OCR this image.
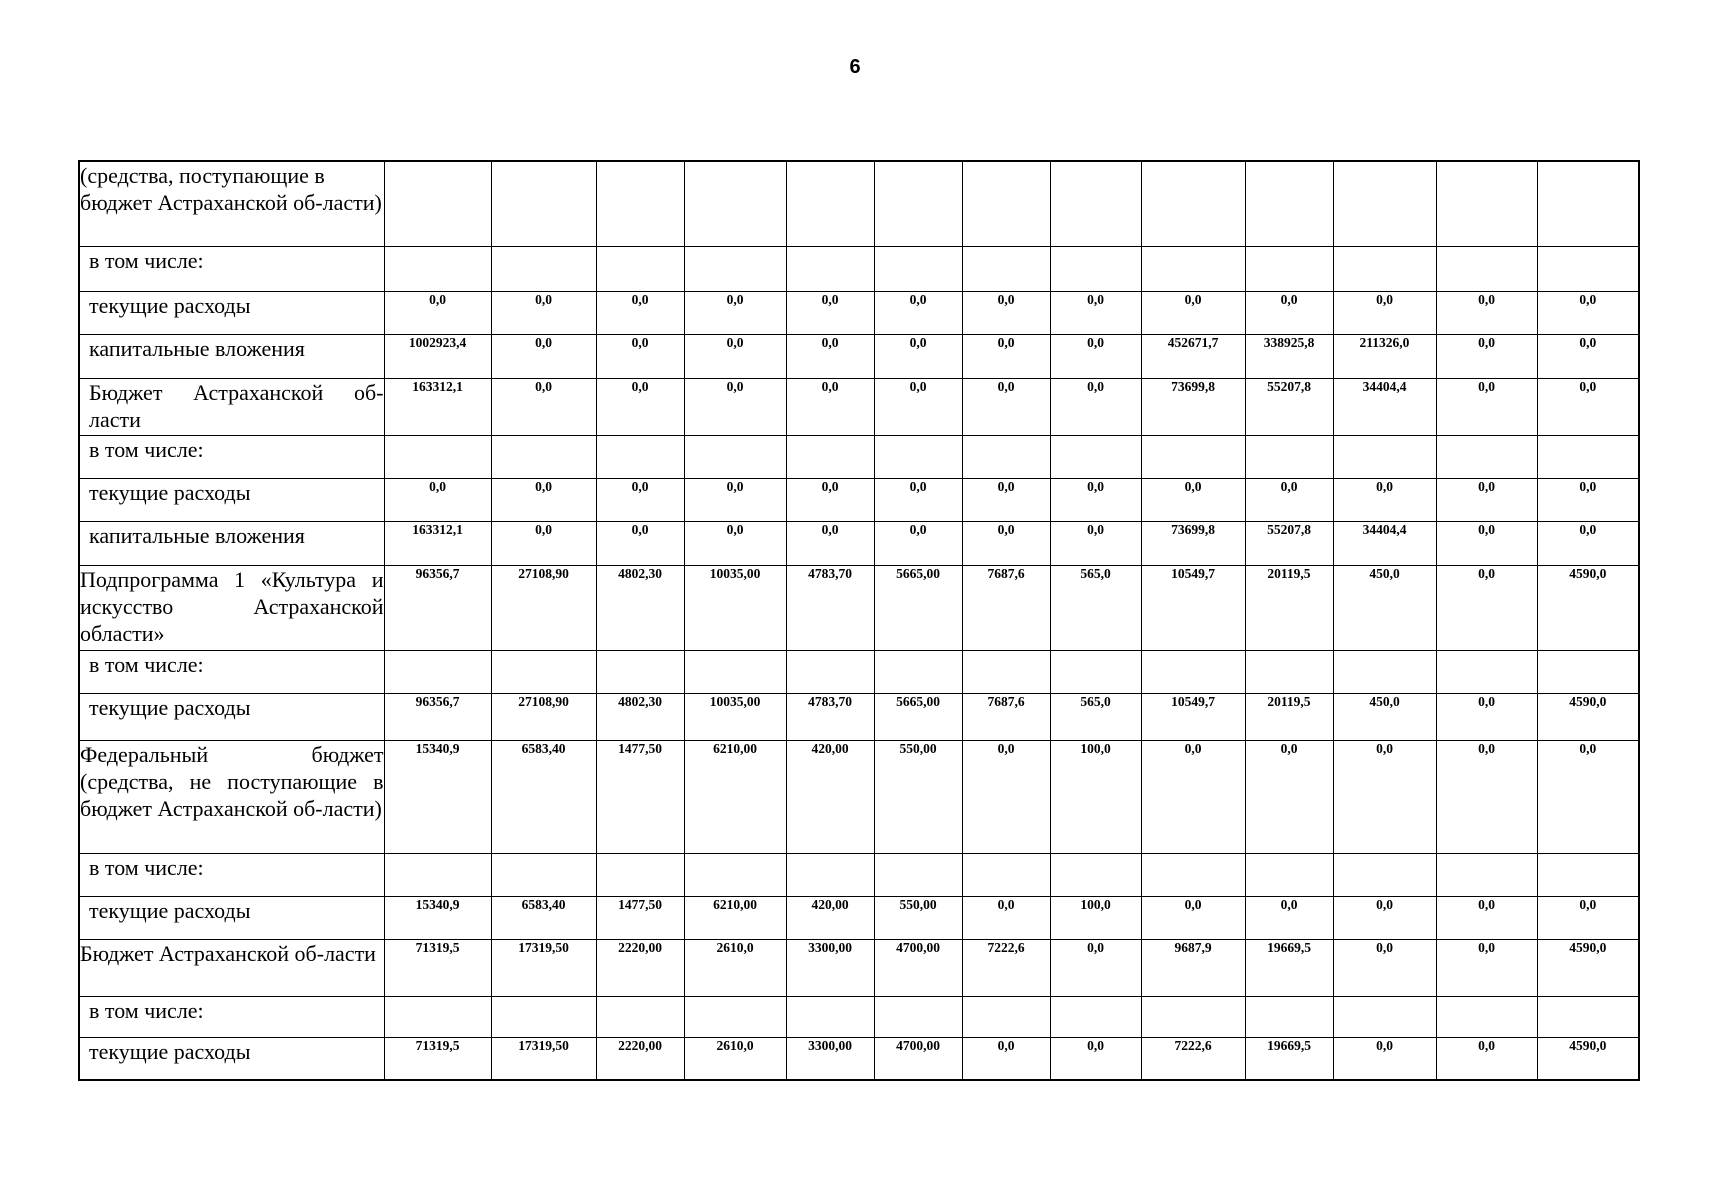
6
(средства, поступающие в бюджет Астраханской об-ласти)													
в том числе:													
текущие расходы	0,0	0,0	0,0	0,0	0,0	0,0	0,0	0,0	0,0	0,0	0,0	0,0	0,0
капитальные вложения	1002923,4	0,0	0,0	0,0	0,0	0,0	0,0	0,0	452671,7	338925,8	211326,0	0,0	0,0
Бюджет Астраханской об-ласти	163312,1	0,0	0,0	0,0	0,0	0,0	0,0	0,0	73699,8	55207,8	34404,4	0,0	0,0
в том числе:													
текущие расходы	0,0	0,0	0,0	0,0	0,0	0,0	0,0	0,0	0,0	0,0	0,0	0,0	0,0
капитальные вложения	163312,1	0,0	0,0	0,0	0,0	0,0	0,0	0,0	73699,8	55207,8	34404,4	0,0	0,0
Подпрограмма 1 «Культура и искусство Астраханской области»	96356,7	27108,90	4802,30	10035,00	4783,70	5665,00	7687,6	565,0	10549,7	20119,5	450,0	0,0	4590,0
в том числе:													
текущие расходы	96356,7	27108,90	4802,30	10035,00	4783,70	5665,00	7687,6	565,0	10549,7	20119,5	450,0	0,0	4590,0
Федеральный бюджет (средства, не поступающие в бюджет Астраханской об-ласти)	15340,9	6583,40	1477,50	6210,00	420,00	550,00	0,0	100,0	0,0	0,0	0,0	0,0	0,0
в том числе:													
текущие расходы	15340,9	6583,40	1477,50	6210,00	420,00	550,00	0,0	100,0	0,0	0,0	0,0	0,0	0,0
Бюджет Астраханской об-ласти	71319,5	17319,50	2220,00	2610,0	3300,00	4700,00	7222,6	0,0	9687,9	19669,5	0,0	0,0	4590,0
в том числе:													
текущие расходы	71319,5	17319,50	2220,00	2610,0	3300,00	4700,00	0,0	0,0	7222,6	19669,5	0,0	0,0	4590,0
